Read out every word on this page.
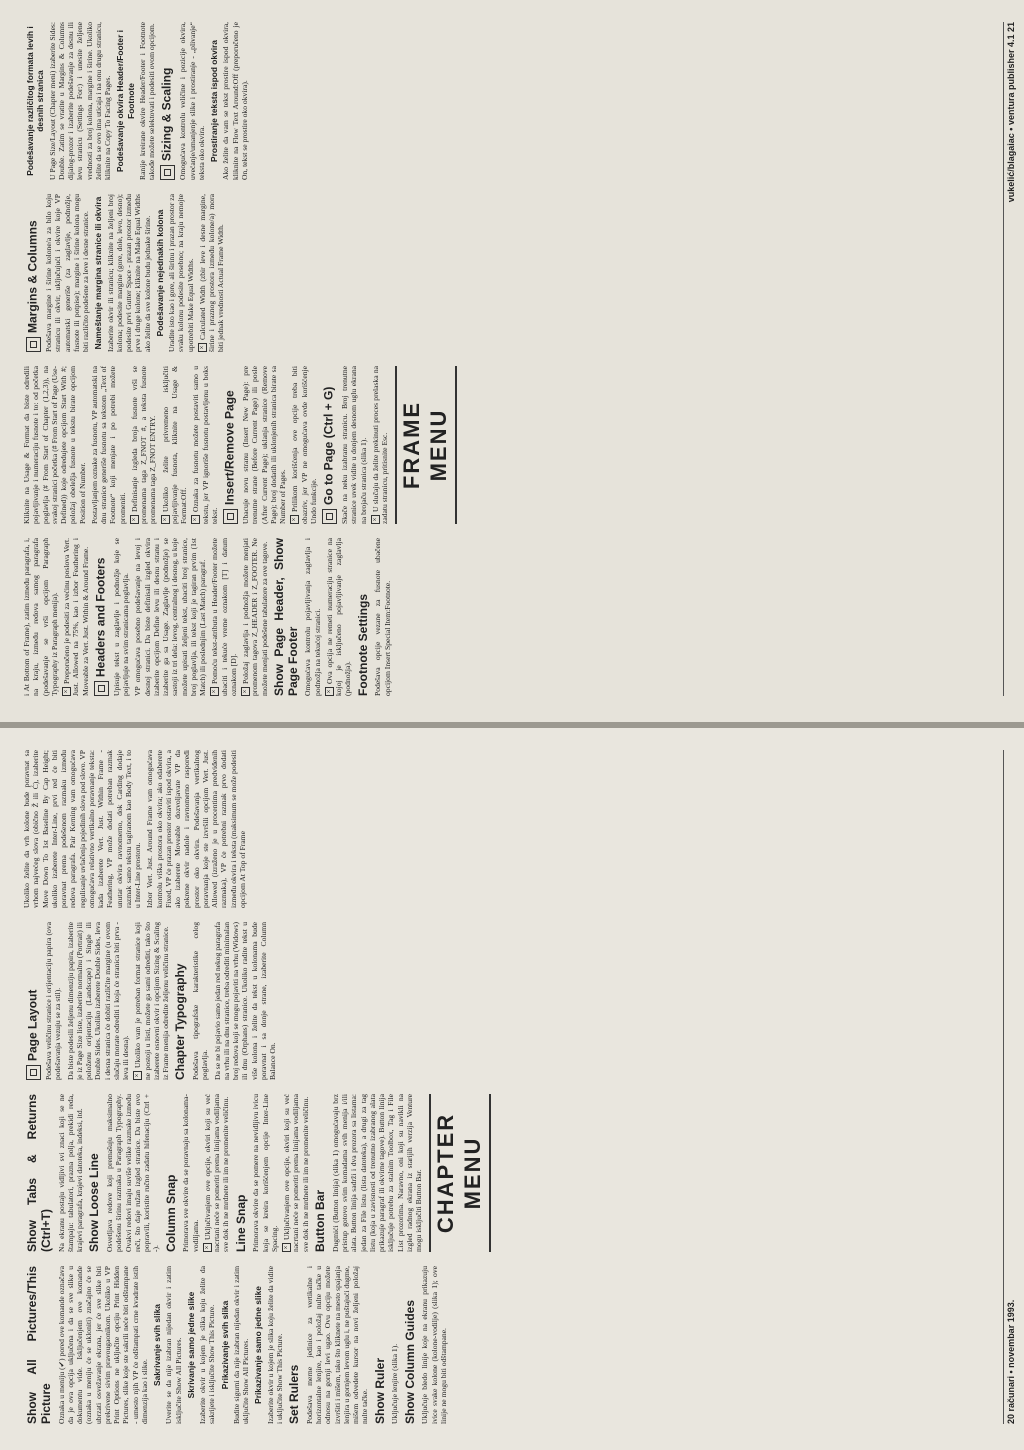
Show All Pictures/This Picture Oznaka u meniju (✔) pored ove komande označava da je ova opcija uključena i da se sve slike u dokumentu vide. Isključenjem ove komande (oznaka u meniju će se ukloniti) značajno će se ubrzati osvežavanje ekrana, jer će sve slike biti prekrivene sivim pravougaonikom. Ukoliko u VP Print Options ne uključite opciju Print Hidden Pictures, slike koje ste sakrili neće biti odštampane - umesto njih VP će odštampati crne kvadrate istih dimenzija kao i slike.

Sakrivanje svih slika Uverite se da nije izabran nijedan okvir i zatim isključite Show All Pictures. Skrivanje samo jedne slike Izaberite okvir u kojem je slika koju želite da sakrijete i isključite Show This Picture. Prikazivanje svih slika Budite sigurni da nije izabran nijedan okvir i zatim uključite Show All Pictures. Prikazivanje samo jedne slike Izaberite okvir u kojem je slika koju želite da vidite i uključite Show This Picture. Set Rulers Podešava merne jedinice za vertikalne i horizontalne lenjire, kao i položaj nulte tačke u odnosu na gornji levi ugao. Ovu opciju možete izvršiti i mišem, tako što kliknete na mesto spajanja lenjira u gornjem levom uglu i, ne puštajući dugme, mišem odvedete kursor na novi željeni položaj nulte tačke. Show Ruler Uključuje lenjire (slika 1). Show Column Guides Uključuje bledo linije koje na ekranu prikazuju ivice svake kolone (kolone-vodilje) (slika 1); ove linije ne mogu biti odštampane.

Show Tabs & Returns (Ctrl+T) Na ekranu postaju vidljivi svi znaci koji se ne štampaju: tabulatori, prazna polja, prekidi reda, krajevi paragrafa, krajevi datoteka, indeksi, itd. Show Loose Line Osvetljava redove koji premašuju maksimalno podešenu širinu razmaka u Paragraph Typography. Ovakvi redovi imaju suviše velike razmake između reči, što daje ružan izgled stranice. Da biste ovo popravili, koristite ručno zadatu hifenaciju (Ctrl + -). Column Snap Primorava sve okvire da se poravnaju sa kolonama-vodiljama. ×Uključivanjem ove opcije, okviri koji su već nacrtani neće se pomeriti prema linijama vodiljama sve dok ih ne mrdnete ili im ne promenite veličinu. Line Snap Primorava okvire da se pomere na nevidljivu ivicu koja se kreira korišćenjem opcije Inter-Line Spacing. ×Uključivanjem ove opcije, okviri koji su već nacrtani neće se pomeriti prema linijama vodiljama sve dok ih ne mrdnete ili im ne promenite veličinu. Button Bar Dugmići (Button linija) (slika 1) omogućavaju brz pristup gotovo svim komadama svih menija i/ili alata. Button linija sadrži i dva prozora sa listama: jedan za File listu (lista datoteka), a drugi za tag listu (koja u zavisnosti od trenutno izabranog alata prikazuje paragraf ili okvirne tagove). Button linija isključuje potrebu za stalnim Toolbox, Tag i File List prozorima. Naravno, oni koji su navikli na izgled radnog ekrana iz starijih verzija Venture mogu isključiti Button Bar. CHAPTER MENU
Page Layout Podešava veličinu stranice i orijentaciju papira (ova podešavanja vezuju se za stil). Da biste podesili željenu dimenziju papira, izaberite je iz Page Size liste, izaberite normalnu (Portrait) ili položenu orijentaciju (Landscape) i Single ili Double Sides. Ukoliko izaberete Double Sides, leva i desna stranica će dobiti različite margine (u ovom slučaju morate odrediti i koja će stranica biti prva - leva ili desna). ×Ukoliko vam je potreban format stranice koji ne postoji u listi, možete ga sami odrediti, tako što izaberete osnovni okvir i opcijom Sizing & Scaling iz Frame menija odredite željenu veličinu stranice. Chapter Typography Podešava tipografske karakteristike celog poglavlja. Da se ne bi pojavio samo jedan red nekog paragrafa na vrhu ili na dnu stranice, treba odrediti minimalan broj redova koji se mogu pojaviti na vrhu (Widows) ili dnu (Orphans) stranice. Ukoliko radite tekst u više kolona i želite da tekst u kolonama bude poravnat i sa donje strane, izaberite Column Balance On.

Ukoliko želite da vrh kolone bude poravnat sa vrhom najvećeg slova (obično Ž ili Ć), izaberite Move Down To 1st Baseline By Cap Height; ukoliko izaberete Inter-Line, prvi red će biti poravnat prema podešenom razmaku između redova paragrafa. Pair Kerning vam omogućava regulisanje uvlačenja pojedinih slova pod slovo. VP omogućava relativno vertikalno poravnanje teksta: kada izaberete Vert. Just. Within Frame - Feathering, VP može dodati potreban razmak unutar okvira ravnomerno, dok Carding dodaje razmak samo tekstu tagiranom kao Body Text, i to u Inter-Line prostoru. Izbor Vert. Just. Around Frame vam omogućava kontrolu viška prostora oko okvira; ako odaberete Fixed, VP će prazan prostor ostaviti ispod okvira, a ako izaberete Moveable dozvoljavate VP da pokrene okvir nadole i ravnomerno raspoređi prostor oko okvira. Podešavanja vertikalnog poravnanja koje ste izvršili opcijom Vert. Just. Allowed (izraženo je u procentima predviđenih razmaka), VP će potrebni razmak prvo dodati između okvira i teksta (maksimum se može podesiti opcijom At Top of Frame

20 računari • novembar 1993.

i At Bottom of Frame), zatim između paragrafa, i, na kraju, između redova samog paragrafa (podešavanje se vrši opcijom Paragraph Typography iz Paragraph menija). ×Preporučeno je podesiti za većinu poslova Vert. Just. Allowed na 75%, kao i izbor Feathering i Moveable za Vert. Just. Within & Around Frame. Headers and Footers Upisuje tekst u zaglavlje i podnožje koje se pojavljuje na svim stranicama poglavlja. VP omogućava posebno podešavanje na levoj i desnoj stranici. Da biste definisali izgled okvira izaberite opcijom Define levu ili desnu stranu i izaberite ga sa Usage. Zaglavlje (podnožje) se sastoji iz tri dela: levog, centralnog i desnog, u koje možete upisati željeni tekst, ubaciti broj stranice, broj poglavlja, ili tekst koji je tagiran prvim (1st Match) ili poslednjim (Last Match) paragraf. ×Pomoću tekst-atributa u Header/Footer možete ubaciti i tekuće vreme oznakom [T] i datum oznakom [D]. ×Položaj zaglavlja i podnožja možete menjati promenom tagova Z_HEADER i Z_FOOTER. Ne možete menjati podešene tabulatore za ove tagove. Show Page Header, Show Page Footer Omogućava kontrolu pojavljivanja zaglavlja i podnožja na tekućoj stranici. ×Ova opcija ne remeti numeraciju stranice na kojoj je isključeno pojavljivanje zaglavlja (podnožja). Footnote Settings Podešava opcije vezane za fusnote ubačene opcijom Insert Special Item:Footnote.

Kliknite na Usage & Format da biste odredili pojavljivanje i numeraciju fusnote i to: od početka poglavlja (# From Start of Chapter (1,2,3)), na svakoj stranici početka (# From Start of Page (Use- Defined)) koje odredujete opcijom Start With #; položaj obeležja fusnote u tekstu birate opcijom Position of Number. Postavljanjem oznake za fusnotu, VP automatski na dnu stranice generiše fusnotu sa tekstom „Text of Footnote“ koji menjate i po potrebi možete promeniti. ×Definisanje izgleda broja fusnote vrši se promenama taga Z_FNOT #, a teksta fusnote promenama taga Z_FNOT ENTRY. ×Ukoliko želite privremeno isključiti pojavljivanje fusnota, kliknite na Usage & Format:Off. ×Oznaka za fusnotu možete postaviti samo u tekstu, jer VP ignoriše fusnotu postavljenu u boks tekst.

Insert/Remove Page Ubacuje novu stranu (Insert New Page): pre trenutne strane (Before Current Page) ili posle (After Current Page); uklanja stranice (Remove Page); broj dodatih ili uklonjenih stranica birate sa Number of Pages. ×Prilikom korišćenja ove opcije treba biti obazriv, jer VP ne omogućava ovde korišćenje Undo funkcije. Go to Page (Ctrl + G) Skače na neku izabranu stranicu. Broj trenutne stranice uvek vidite u donjem desnom uglu ekrana na brojaču stranica (slika 1). ×U slučaju da želite prekinuti proces prelaska na zadatu stranicu, pritisnite Esc. FRAME MENU
Margins & Columns Podešava margine i širine kolone/a za bilo koju stranicu ili okvir, uključujući i okvire koje VP automatski generiše (za zaglavlje, podnožje, fusnote ili potpise); margine i širine kolona mogu biti različito podešene za leve i desne stranice. Nameštanje margina stranice ili okvira Izaberite okvir ili stranicu; kliknite na željeni broj kolona; podesite margine (gore, dole, levo, desno); podesite prvi Gutter Space - prazan prostor između prve i druge kolone; kliknite na Make Equal Widths ako želite da sve kolone budu jednake širine. Podešavanje nejednakih kolona Uradite isto kao i gore, ali širinu i prazan prostor za svaku kolonu podesite posebno; na kraju nemojte upotrebiti Make Equal Widths. ×Calculated Width (zbir leve i desne margine, širine i praznog prostora između kolone/a) mora biti jednak vrednosti Actual Frame Width.

Podešavanje različitog formata levih i desnih stranica U Page Size/Layout (Chapter meni) izaberite Sides: Double. Zatim se vratite u Margins & Columns dijalog-prozor i izaberite podešavanje za desnu ili levu stranicu (Settings For:) i unesite željene vrednosti za broj kolona, margine i širine. Ukoliko želite da se ovo ima uticaja i na onu drugu stranicu, kliknite na Copy To Facing Pages. Podešavanje okvira Header/Footer i Footnote Ranije kreirane okvire Header/Footer i Footnote takođe možete selektovati i podesiti ovom opcijom. Sizing & Scaling Omogućava kontrolu veličine i pozicije okvira, uvećanje/umanjenje slike i prostiranje - „plivanje“ teksta oko okvira. Prostiranje teksta ispod okvira Ako želite da vam se tekst prostire ispod okvira, kliknite na Flow Text Around:Off (preporučeno je On, tekst se prostire oko okvira).	vukelić/blagaiac • ventura publisher 4.1 21
